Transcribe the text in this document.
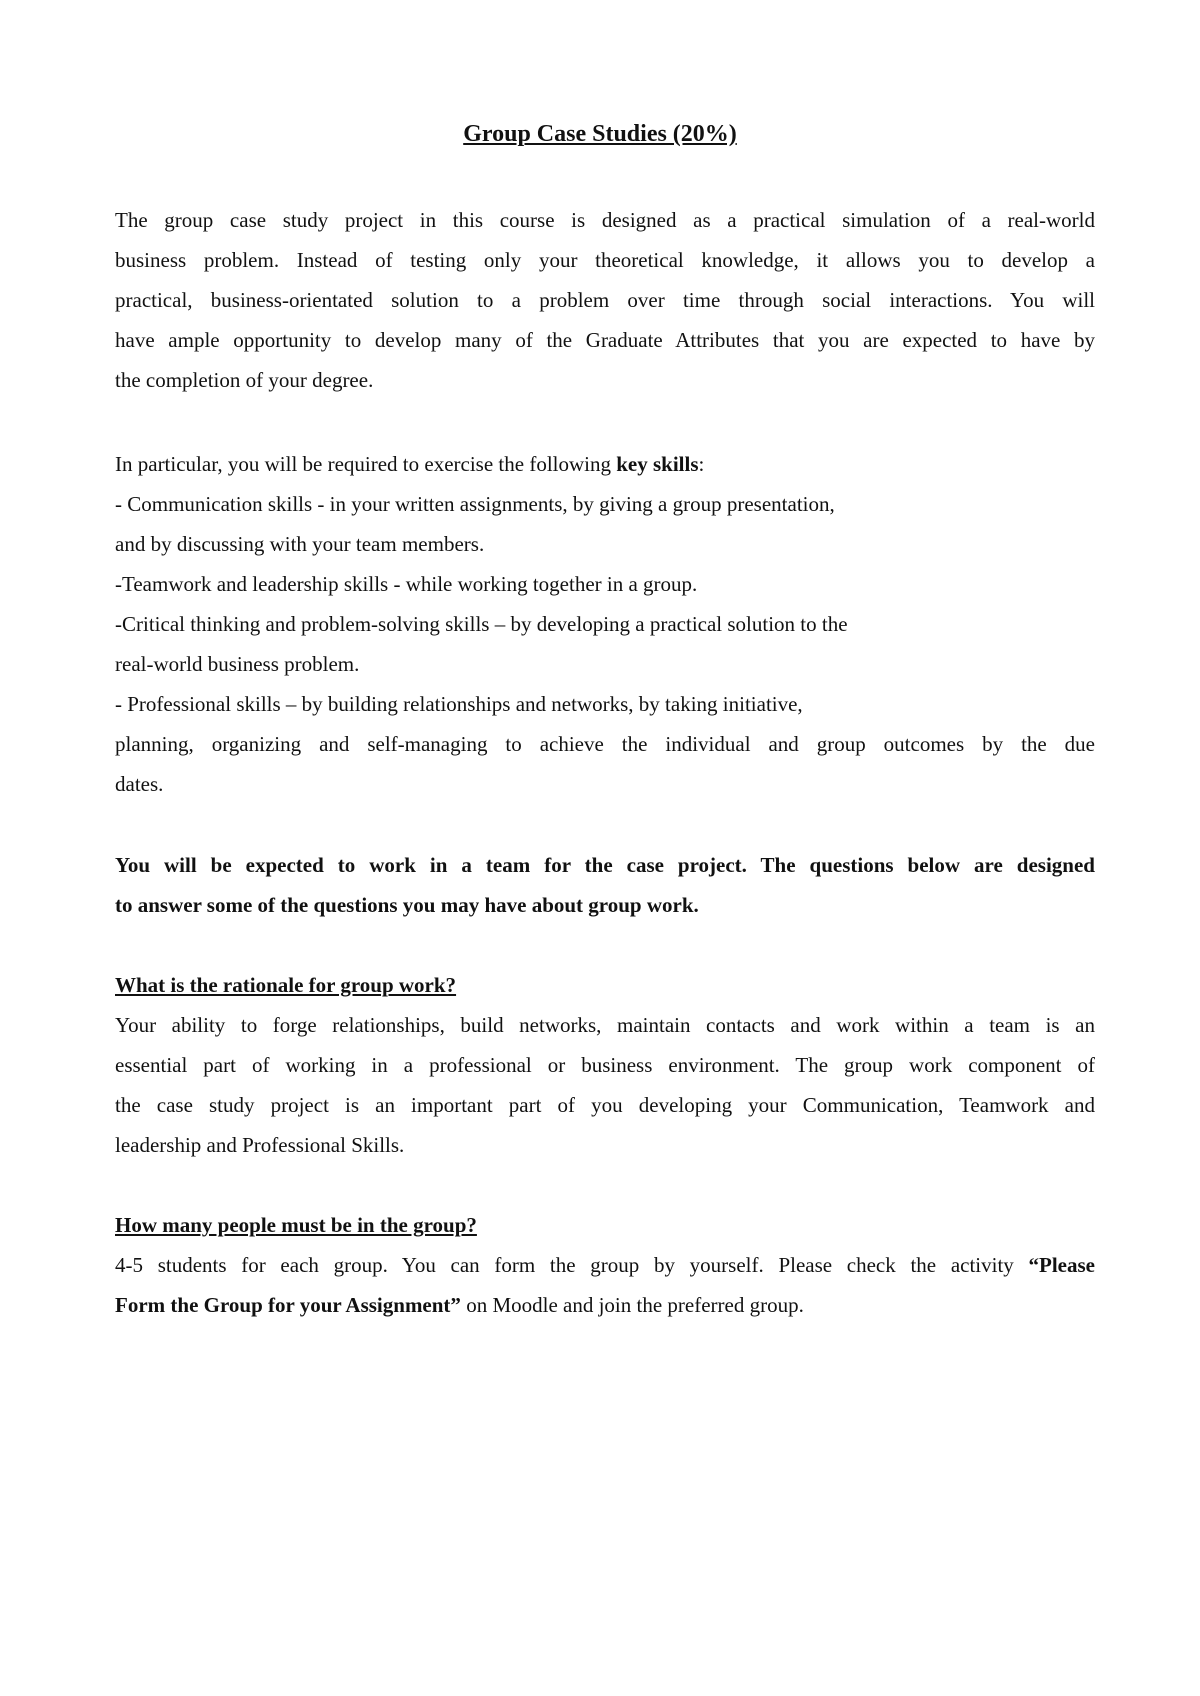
Group Case Studies (20%)
The group case study project in this course is designed as a practical simulation of a real-world
business problem. Instead of testing only your theoretical knowledge, it allows you to develop a
practical, business-orientated solution to a problem over time through social interactions. You will
have ample opportunity to develop many of the Graduate Attributes that you are expected to have by
the completion of your degree.
In particular, you will be required to exercise the following key skills:
- Communication skills - in your written assignments, by giving a group presentation,
and by discussing with your team members.
-Teamwork and leadership skills - while working together in a group.
-Critical thinking and problem-solving skills – by developing a practical solution to the
real-world business problem.
- Professional skills – by building relationships and networks, by taking initiative,
planning, organizing and self-managing to achieve the individual and group outcomes by the due
dates.
You will be expected to work in a team for the case project. The questions below are designed
to answer some of the questions you may have about group work.
What is the rationale for group work?
Your ability to forge relationships, build networks, maintain contacts and work within a team is an
essential part of working in a professional or business environment. The group work component of
the case study project is an important part of you developing your Communication, Teamwork and
leadership and Professional Skills.
How many people must be in the group?
4-5 students for each group. You can form the group by yourself. Please check the activity “Please
Form the Group for your Assignment” on Moodle and join the preferred group.
